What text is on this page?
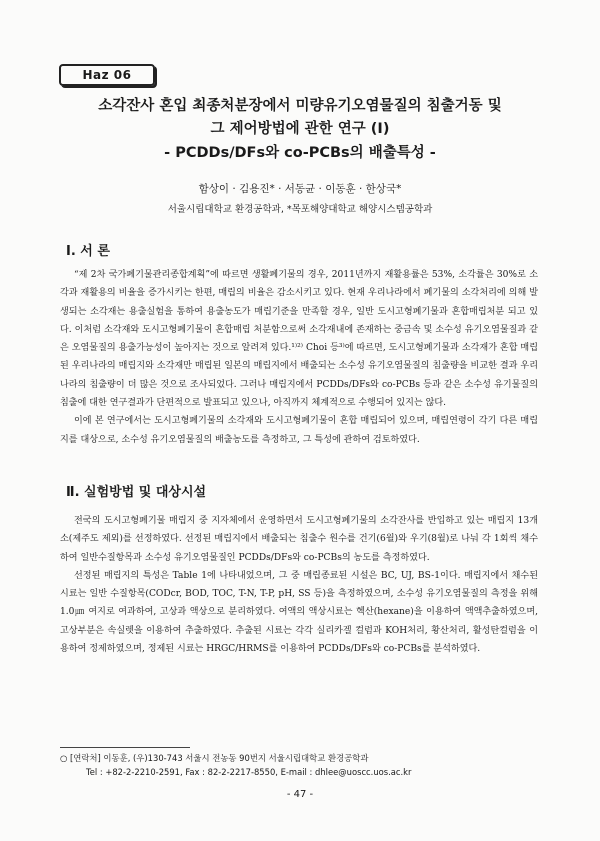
Haz 06
소각잔사 혼입 최종처분장에서 미량유기오염물질의 침출거동 및
그 제어방법에 관한 연구 (Ⅰ)
- PCDDs/DFs와 co-PCBs의 배출특성 -
함상이 · 김용진* · 서동균 · 이동훈 · 한상국*
서울시립대학교 환경공학과, *목포해양대학교 해양시스템공학과
Ⅰ. 서 론

“제 2차 국가폐기물관리종합계획”에 따르면 생활폐기물의 경우, 2011년까지 재활용률은 53%, 소각률은 30%로 소각과 재활용의 비율을 증가시키는 한편, 매립의 비율은 감소시키고 있다. 현재 우리나라에서 폐기물의 소각처리에 의해 발생되는 소각재는 용출실험을 통하여 용출농도가 매립기준을 만족할 경우, 일반 도시고형폐기물과 혼합매립처분 되고 있다. 이처럼 소각재와 도시고형폐기물이 혼합매립 처분함으로써 소각재내에 존재하는 중금속 및 소수성 유기오염물질과 같은 오염물질의 용출가능성이 높아지는 것으로 알려져 있다.¹⁾²⁾ Choi 등³⁾에 따르면, 도시고형폐기물과 소각재가 혼합 매립된 우리나라의 매립지와 소각재만 매립된 일본의 매립지에서 배출되는 소수성 유기오염물질의 침출량을 비교한 결과 우리나라의 침출량이 더 많은 것으로 조사되었다. 그러나 매립지에서 PCDDs/DFs와 co-PCBs 등과 같은 소수성 유기물질의 침출에 대한 연구결과가 단편적으로 발표되고 있으나, 아직까지 체계적으로 수행되어 있지는 않다.

이에 본 연구에서는 도시고형폐기물의 소각재와 도시고형폐기물이 혼합 매립되어 있으며, 매립연령이 각기 다른 매립지를 대상으로, 소수성 유기오염물질의 배출농도를 측정하고, 그 특성에 관하여 검토하였다.

Ⅱ. 실험방법 및 대상시설

전국의 도시고형폐기물 매립지 중 지자체에서 운영하면서 도시고형폐기물의 소각잔사를 반입하고 있는 매립지 13개소(제주도 제외)를 선정하였다. 선정된 매립지에서 배출되는 침출수 원수를 건기(6월)와 우기(8월)로 나눠 각 1회씩 채수하여 일반수질항목과 소수성 유기오염물질인 PCDDs/DFs와 co-PCBs의 농도를 측정하였다.

선정된 매립지의 특성은 Table 1에 나타내었으며, 그 중 매립종료된 시설은 BC, UJ, BS-1이다. 매립지에서 채수된 시료는 일반 수질항목(CODcr, BOD, TOC, T-N, T-P, pH, SS 등)을 측정하였으며, 소수성 유기오염물질의 측정을 위해 1.0㎛ 여지로 여과하여, 고상과 액상으로 분리하였다. 여액의 액상시료는 헥산(hexane)을 이용하여 액액추출하였으며, 고상부분은 속실렛을 이용하여 추출하였다. 추출된 시료는 각각 실리카겔 컬럼과 KOH처리, 황산처리, 활성탄컬럼을 이용하여 정제하였으며, 정제된 시료는 HRGC/HRMS를 이용하여 PCDDs/DFs와 co-PCBs를 분석하였다.

○ [연락처] 이동훈, (우)130-743 서울시 전농동 90번지 서울시립대학교 환경공학과
Tel : +82-2-2210-2591, Fax : 82-2-2217-8550, E-mail : dhlee@uoscc.uos.ac.kr
- 47 -
